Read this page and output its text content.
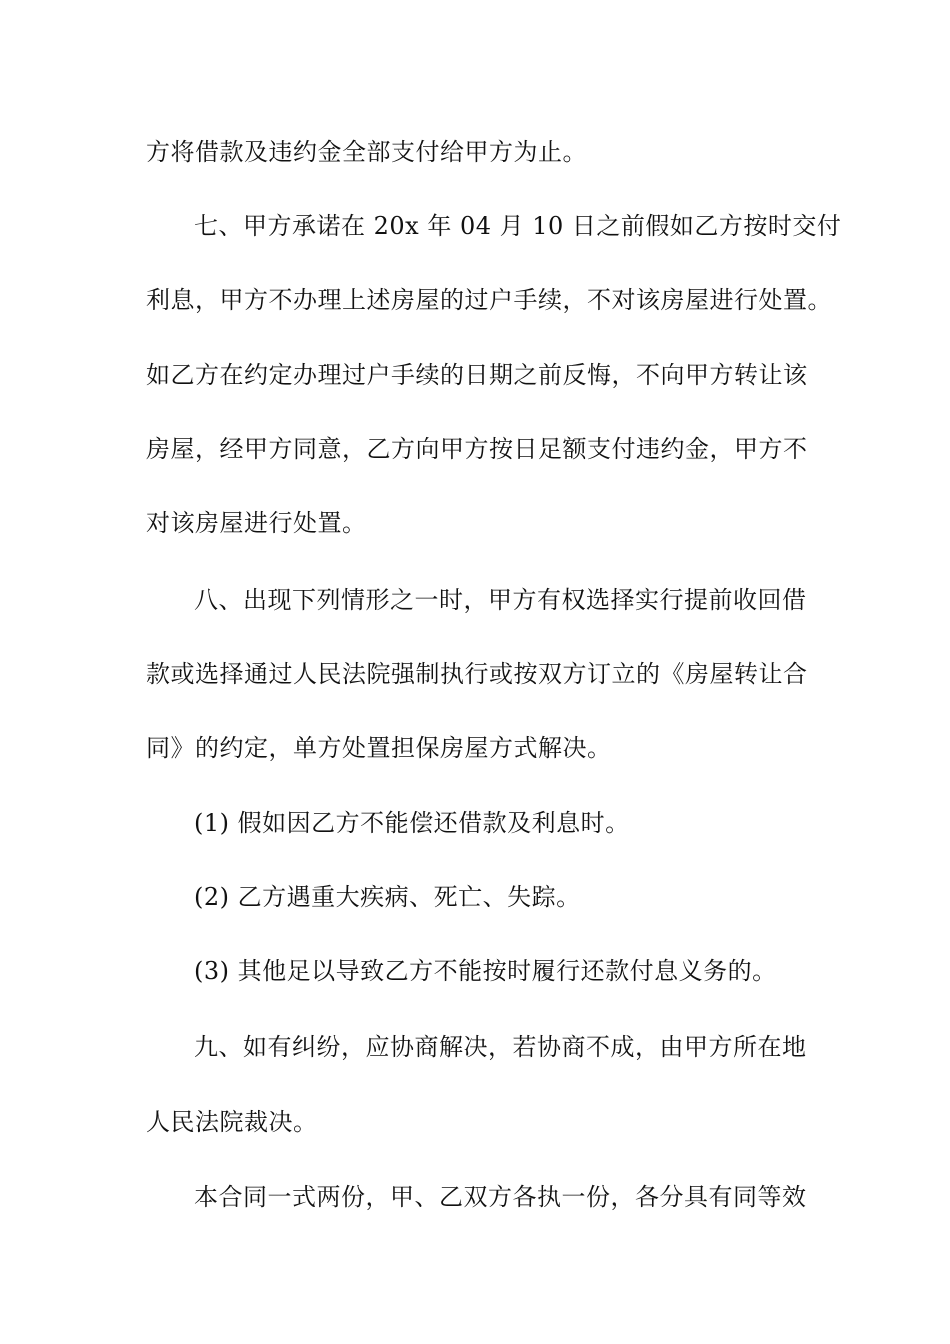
方将借款及违约金全部支付给甲方为止。
七、甲方承诺在 20x 年 04 月 10 日之前假如乙方按时交付
利息，甲方不办理上述房屋的过户手续，不对该房屋进行处置。
如乙方在约定办理过户手续的日期之前反悔，不向甲方转让该
房屋，经甲方同意，乙方向甲方按日足额支付违约金，甲方不
对该房屋进行处置。
八、出现下列情形之一时，甲方有权选择实行提前收回借
款或选择通过人民法院强制执行或按双方订立的《房屋转让合
同》的约定，单方处置担保房屋方式解决。
(1) 假如因乙方不能偿还借款及利息时。
(2) 乙方遇重大疾病、死亡、失踪。
(3) 其他足以导致乙方不能按时履行还款付息义务的。
九、如有纠纷，应协商解决，若协商不成，由甲方所在地
人民法院裁决。
本合同一式两份，甲、乙双方各执一份，各分具有同等效
